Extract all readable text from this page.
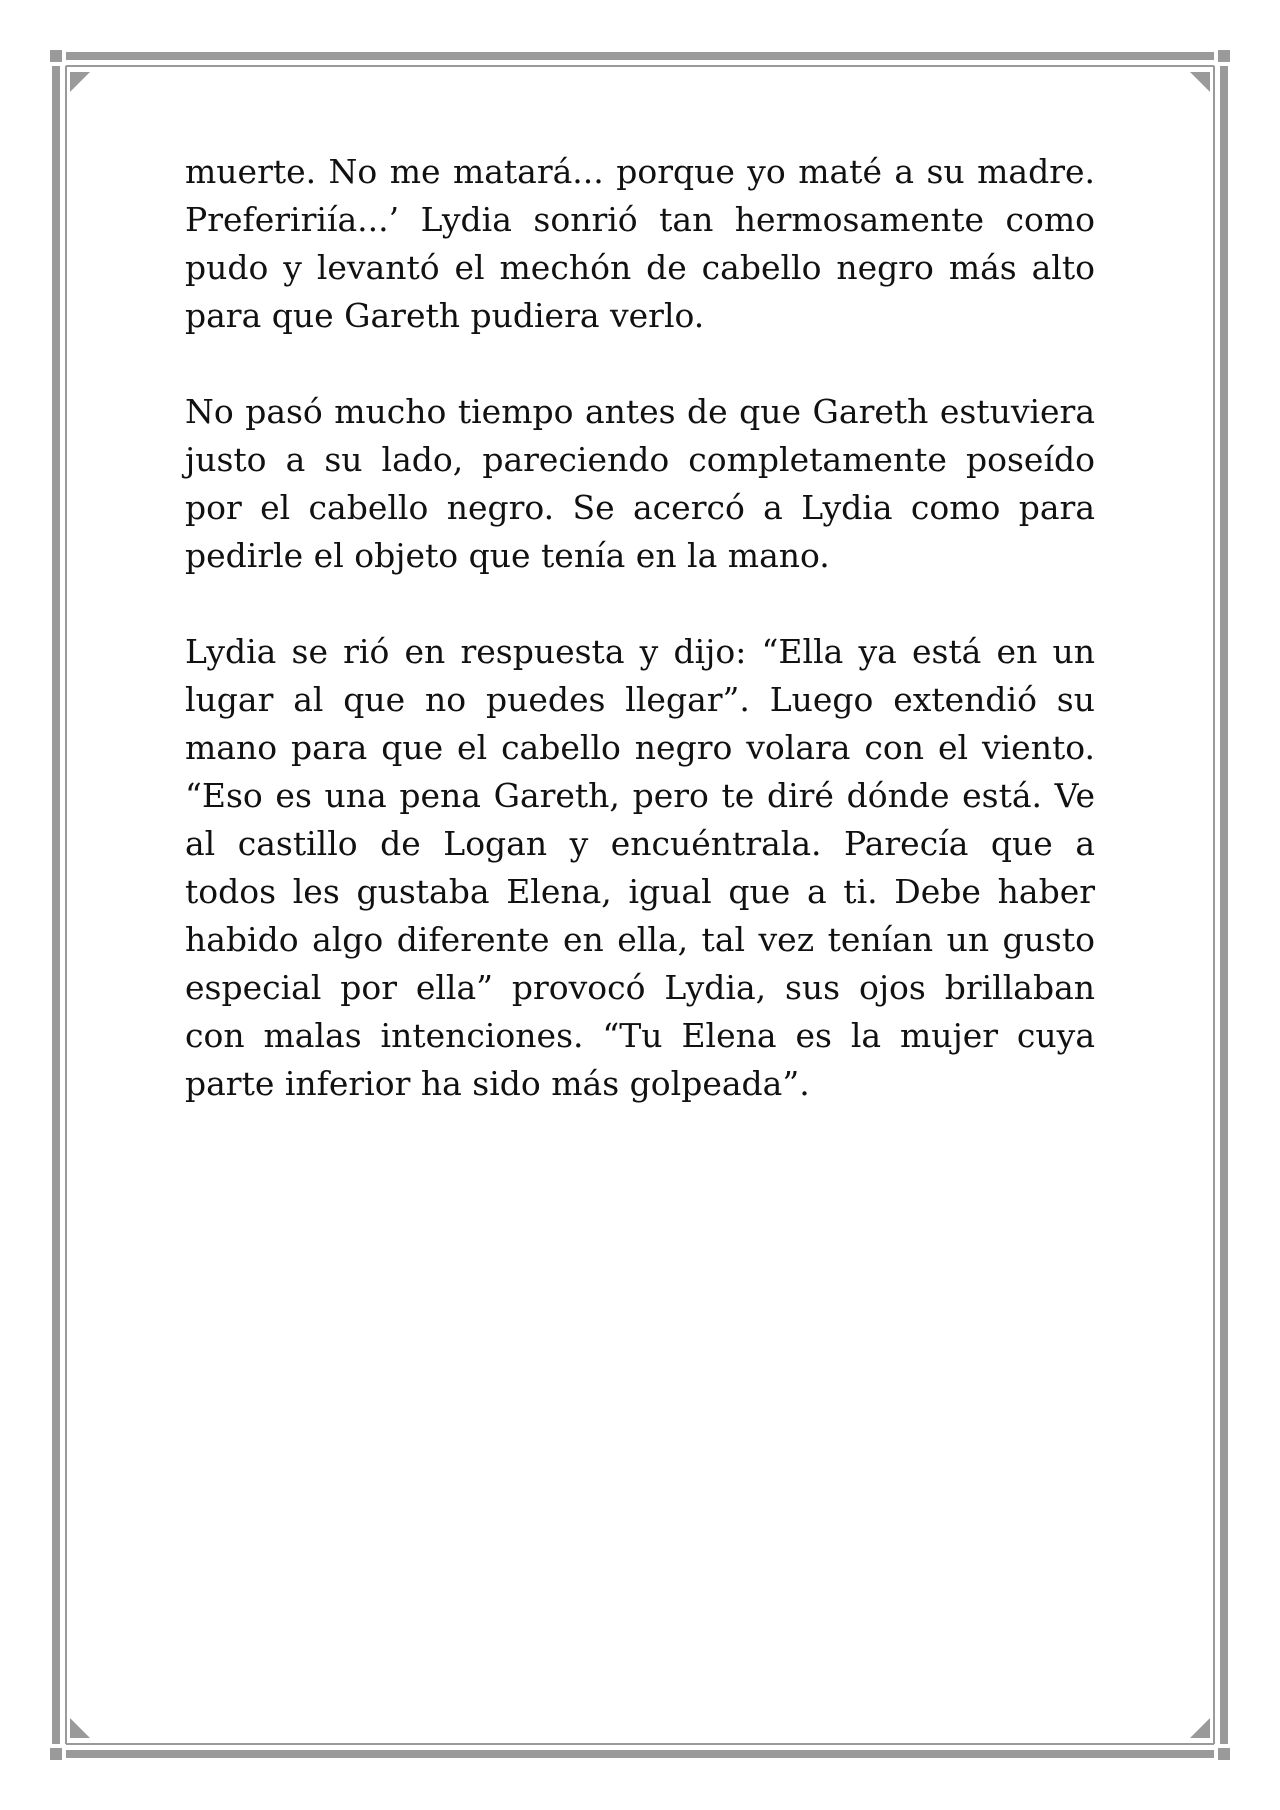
muerte. No me matará... porque yo maté a su madre. Prefeririía...’ Lydia sonrió tan hermosamente como pudo y levantó el mechón de cabello negro más alto para que Gareth pudiera verlo.

No pasó mucho tiempo antes de que Gareth estuviera justo a su lado, pareciendo completamente poseído por el cabello negro. Se acercó a Lydia como para pedirle el objeto que tenía en la mano.

Lydia se rió en respuesta y dijo: “Ella ya está en un lugar al que no puedes llegar”. Luego extendió su mano para que el cabello negro volara con el viento. “Eso es una pena Gareth, pero te diré dónde está. Ve al castillo de Logan y encuéntrala. Parecía que a todos les gustaba Elena, igual que a ti. Debe haber habido algo diferente en ella, tal vez tenían un gusto especial por ella” provocó Lydia, sus ojos brillaban con malas intenciones. “Tu Elena es la mujer cuya parte inferior ha sido más golpeada”.
